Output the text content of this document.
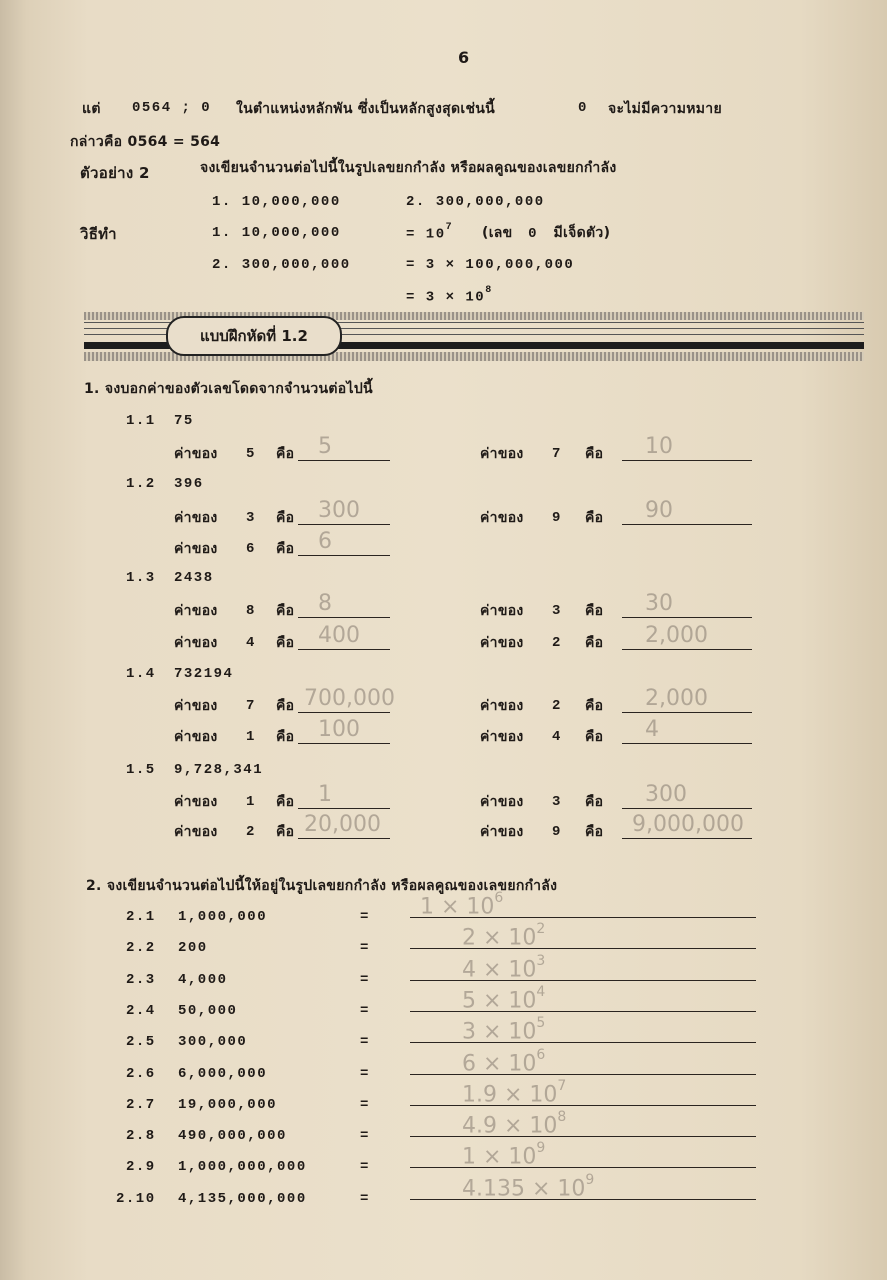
6
แต่ 0564 ; 0 ในตำแหน่งหลักพัน ซึ่งเป็นหลักสูงสุดเช่นนี้	0 จะไม่มีความหมาย
กล่าวคือ 0564 = 564
ตัวอย่าง 2	จงเขียนจำนวนต่อไปนี้ในรูปเลขยกกำลัง หรือผลคูณของเลขยกกำลัง
1. 10,000,000	2. 300,000,000
วิธีทำ	1. 10,000,000	= $10^7$ (เลข 0 มีเจ็ดตัว)
2. 300,000,000	= 3 × 100,000,000
= $3 \times 10^8$
แบบฝึกหัดที่ 1.2
1. จงบอกค่าของตัวเลขโดดจากจำนวนต่อไปนี้
1.1 75
ค่าของ 5 คือ 5	ค่าของ 7 คือ 10
1.2 396
ค่าของ 3 คือ 300	ค่าของ 9 คือ 90
ค่าของ 6 คือ 6
1.3 2438
ค่าของ 8 คือ 8	ค่าของ 3 คือ 30
ค่าของ 4 คือ 400	ค่าของ 2 คือ 2,000
1.4 732194
ค่าของ 7 คือ 700,000	ค่าของ 2 คือ 2,000
ค่าของ 1 คือ 100	ค่าของ 4 คือ 4
1.5 9,728,341
ค่าของ 1 คือ 1	ค่าของ 3 คือ 300
ค่าของ 2 คือ 20,000	ค่าของ 9 คือ 9,000,000
2. จงเขียนจำนวนต่อไปนี้ให้อยู่ในรูปเลขยกกำลัง หรือผลคูณของเลขยกกำลัง
2.1 1,000,000	= $1 \times 10^6$
2.2 200	=	$2 \times 10^2$
2.3 4,000	=	$4 \times 10^3$
2.4 50,000	=	$5 \times 10^4$
2.5 300,000	=	$3 \times 10^5$
2.6 6,000,000	=	$6 \times 10^6$
2.7 19,000,000	=	$1.9 \times 10^7$
2.8 490,000,000	=	$4.9 \times 10^8$
2.9 1,000,000,000	=	$1 \times 10^9$
2.10 4,135,000,000	=	$4.135 \times 10^9$
